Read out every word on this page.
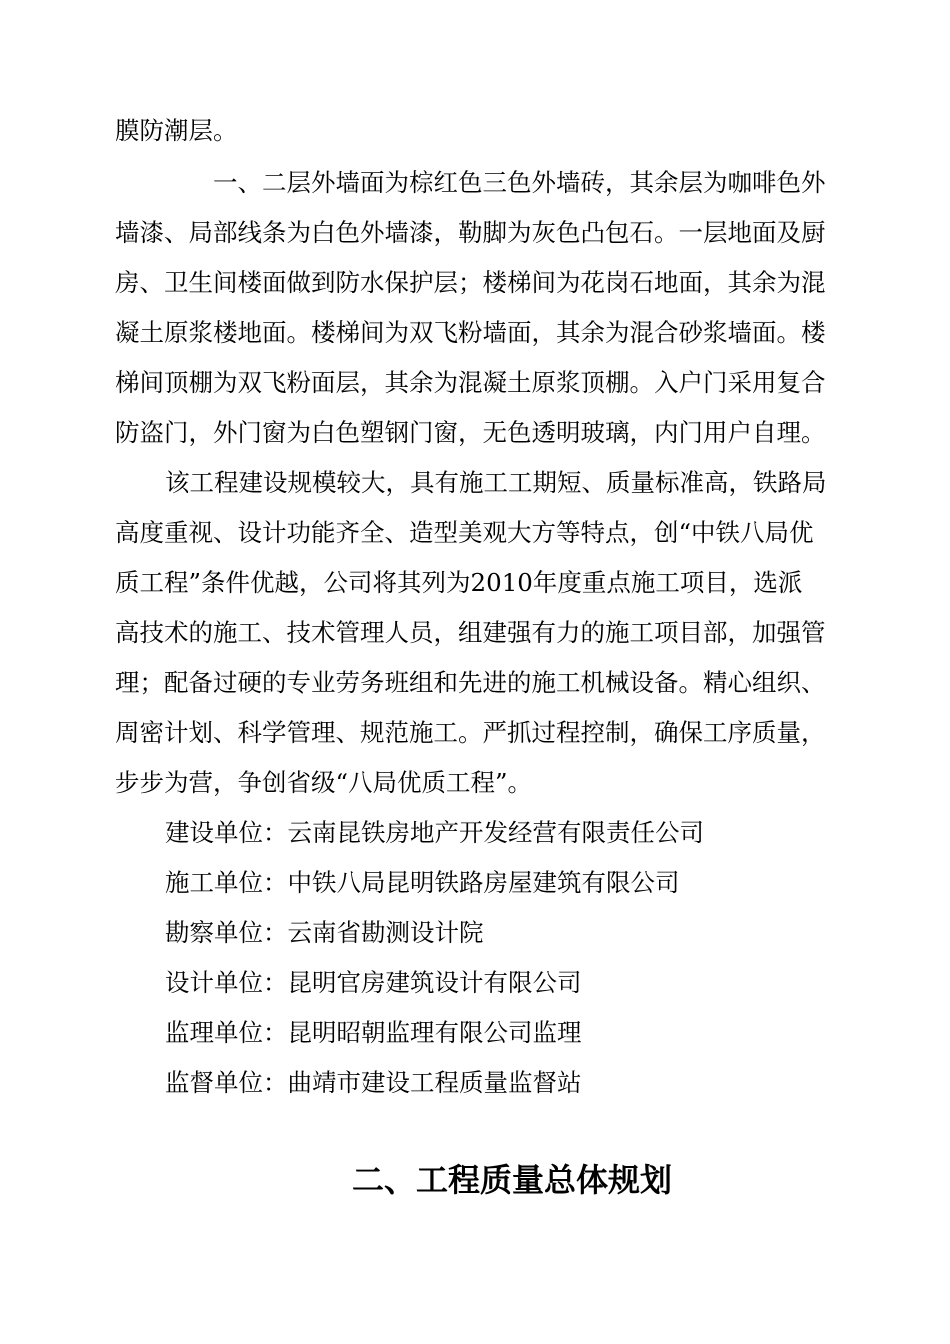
膜防潮层。
一、二层外墙面为棕红色三色外墙砖，其余层为咖啡色外
墙漆、局部线条为白色外墙漆，勒脚为灰色凸包石。一层地面及厨
房、卫生间楼面做到防水保护层；楼梯间为花岗石地面，其余为混
凝土原浆楼地面。楼梯间为双飞粉墙面，其余为混合砂浆墙面。楼
梯间顶棚为双飞粉面层，其余为混凝土原浆顶棚。入户门采用复合
防盗门，外门窗为白色塑钢门窗，无色透明玻璃，内门用户自理。
该工程建设规模较大，具有施工工期短、质量标准高，铁路局
高度重视、设计功能齐全、造型美观大方等特点，创“中铁八局优
质工程”条件优越，公司将其列为2010年度重点施工项目，选派
高技术的施工、技术管理人员，组建强有力的施工项目部，加强管
理；配备过硬的专业劳务班组和先进的施工机械设备。精心组织、
周密计划、科学管理、规范施工。严抓过程控制，确保工序质量，
步步为营，争创省级“八局优质工程”。
建设单位：云南昆铁房地产开发经营有限责任公司
施工单位：中铁八局昆明铁路房屋建筑有限公司
勘察单位：云南省勘测设计院
设计单位：昆明官房建筑设计有限公司
监理单位：昆明昭朝监理有限公司监理
监督单位：曲靖市建设工程质量监督站
二、工程质量总体规划
